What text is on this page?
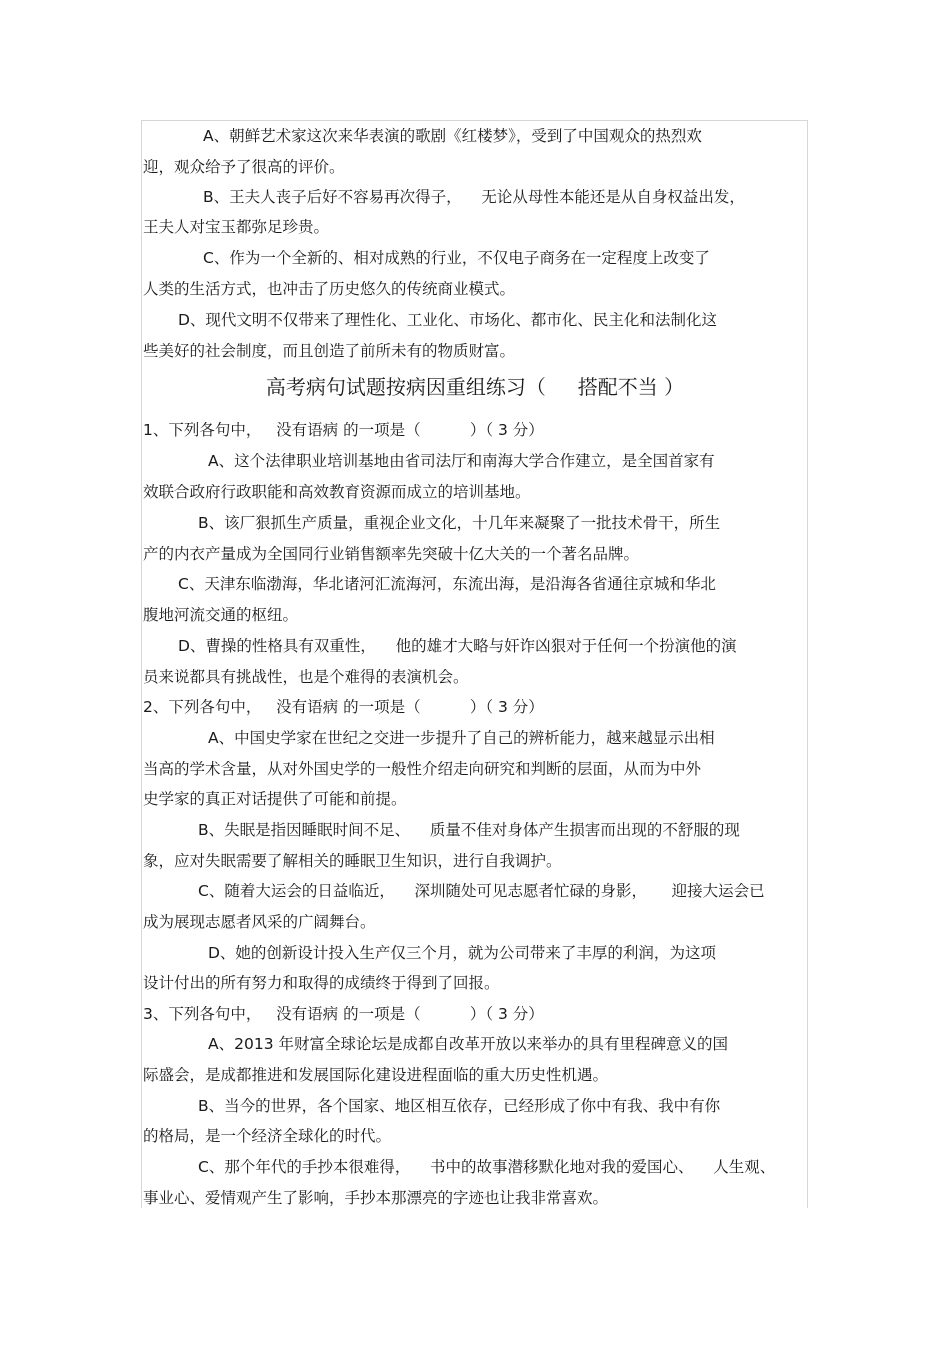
A、朝鲜艺术家这次来华表演的歌剧《红楼梦》，受到了中国观众的热烈欢
迎，观众给予了很高的评价。
B、王夫人丧子后好不容易再次得子，    无论从母性本能还是从自身权益出发，
王夫人对宝玉都弥足珍贵。
C、作为一个全新的、相对成熟的行业，不仅电子商务在一定程度上改变了
人类的生活方式，也冲击了历史悠久的传统商业模式。
D、现代文明不仅带来了理性化、工业化、市场化、都市化、民主化和法制化这
些美好的社会制度，而且创造了前所未有的物质财富。
高考病句试题按病因重组练习（     搭配不当 ）
1、下列各句中，   没有语病 的一项是（          ）（ 3 分）
A、这个法律职业培训基地由省司法厅和南海大学合作建立，是全国首家有
效联合政府行政职能和高效教育资源而成立的培训基地。
B、该厂狠抓生产质量，重视企业文化，十几年来凝聚了一批技术骨干，所生
产的内衣产量成为全国同行业销售额率先突破十亿大关的一个著名品牌。
C、天津东临渤海，华北诸河汇流海河，东流出海，是沿海各省通往京城和华北
腹地河流交通的枢纽。
D、曹操的性格具有双重性，    他的雄才大略与奸诈凶狠对于任何一个扮演他的演
员来说都具有挑战性，也是个难得的表演机会。
2、下列各句中，   没有语病 的一项是（          ）（ 3 分）
A、中国史学家在世纪之交进一步提升了自己的辨析能力，越来越显示出相
当高的学术含量，从对外国史学的一般性介绍走向研究和判断的层面，从而为中外
史学家的真正对话提供了可能和前提。
B、失眠是指因睡眠时间不足、    质量不佳对身体产生损害而出现的不舒服的现
象，应对失眠需要了解相关的睡眠卫生知识，进行自我调护。
C、随着大运会的日益临近，    深圳随处可见志愿者忙碌的身影，     迎接大运会已
成为展现志愿者风采的广阔舞台。
D、她的创新设计投入生产仅三个月，就为公司带来了丰厚的利润，为这项
设计付出的所有努力和取得的成绩终于得到了回报。
3、下列各句中，   没有语病 的一项是（          ）（ 3 分）
A、2013 年财富全球论坛是成都自改革开放以来举办的具有里程碑意义的国
际盛会，是成都推进和发展国际化建设进程面临的重大历史性机遇。
B、当今的世界，各个国家、地区相互依存，已经形成了你中有我、我中有你
的格局，是一个经济全球化的时代。
C、那个年代的手抄本很难得，    书中的故事潜移默化地对我的爱国心、    人生观、
事业心、爱情观产生了影响，手抄本那漂亮的字迹也让我非常喜欢。
